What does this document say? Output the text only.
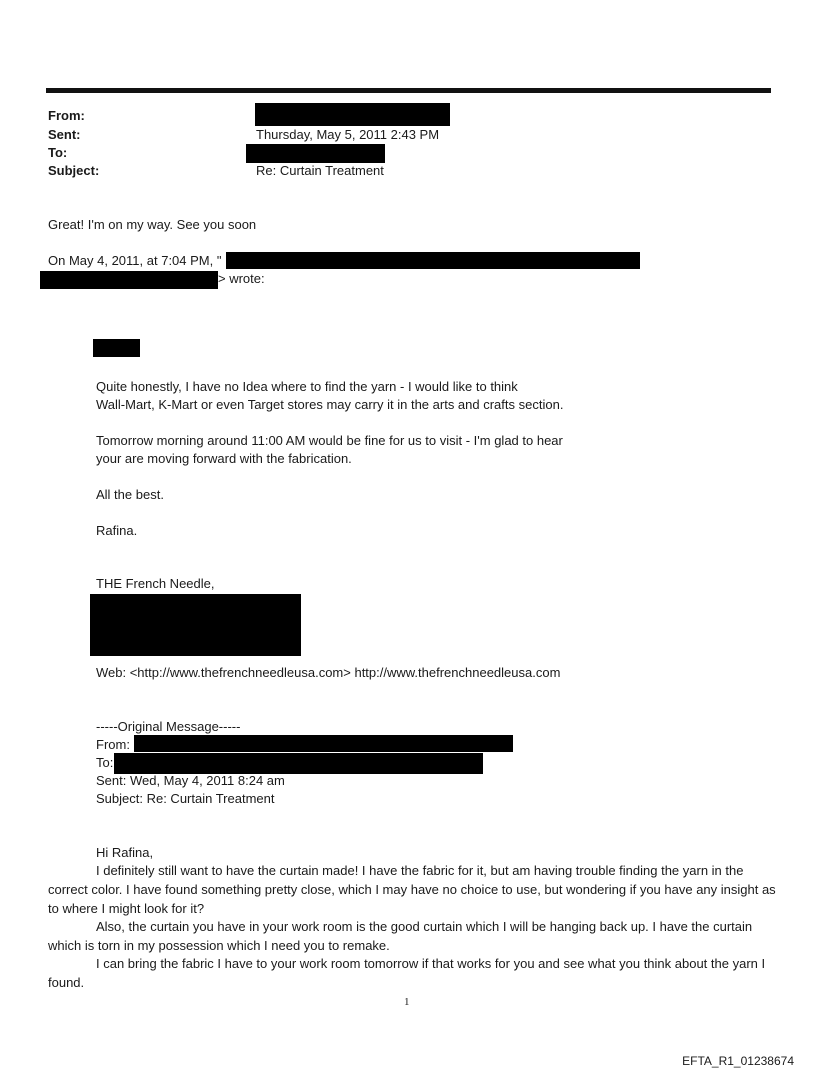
From:
Sent:	Thursday, May 5, 2011 2:43 PM
To:
Subject:	Re: Curtain Treatment
Great! I'm on my way. See you soon
On May 4, 2011, at 7:04 PM, "
> wrote:
Quite honestly, I have no Idea where to find the yarn - I would like to think
Wall-Mart, K-Mart or even Target stores may carry it in the arts and crafts section.
Tomorrow morning around 11:00 AM would be fine for us to visit - I'm glad to hear
your are moving forward with the fabrication.
All the best.
Rafina.
THE French Needle,
Web: <http://www.thefrenchneedleusa.com> http://www.thefrenchneedleusa.com
-----Original Message-----
From:
To:
Sent: Wed, May 4, 2011 8:24 am
Subject: Re: Curtain Treatment
Hi Rafina,
I definitely still want to have the curtain made! I have the fabric for it, but am having trouble finding the yarn in the correct color. I have found something pretty close, which I may have no choice to use, but wondering if you have any insight as to where I might look for it?
Also, the curtain you have in your work room is the good curtain which I will be hanging back up. I have the curtain which is torn in my possession which I need you to remake.
I can bring the fabric I have to your work room tomorrow if that works for you and see what you think about the yarn I found.
1
EFTA_R1_01238674
